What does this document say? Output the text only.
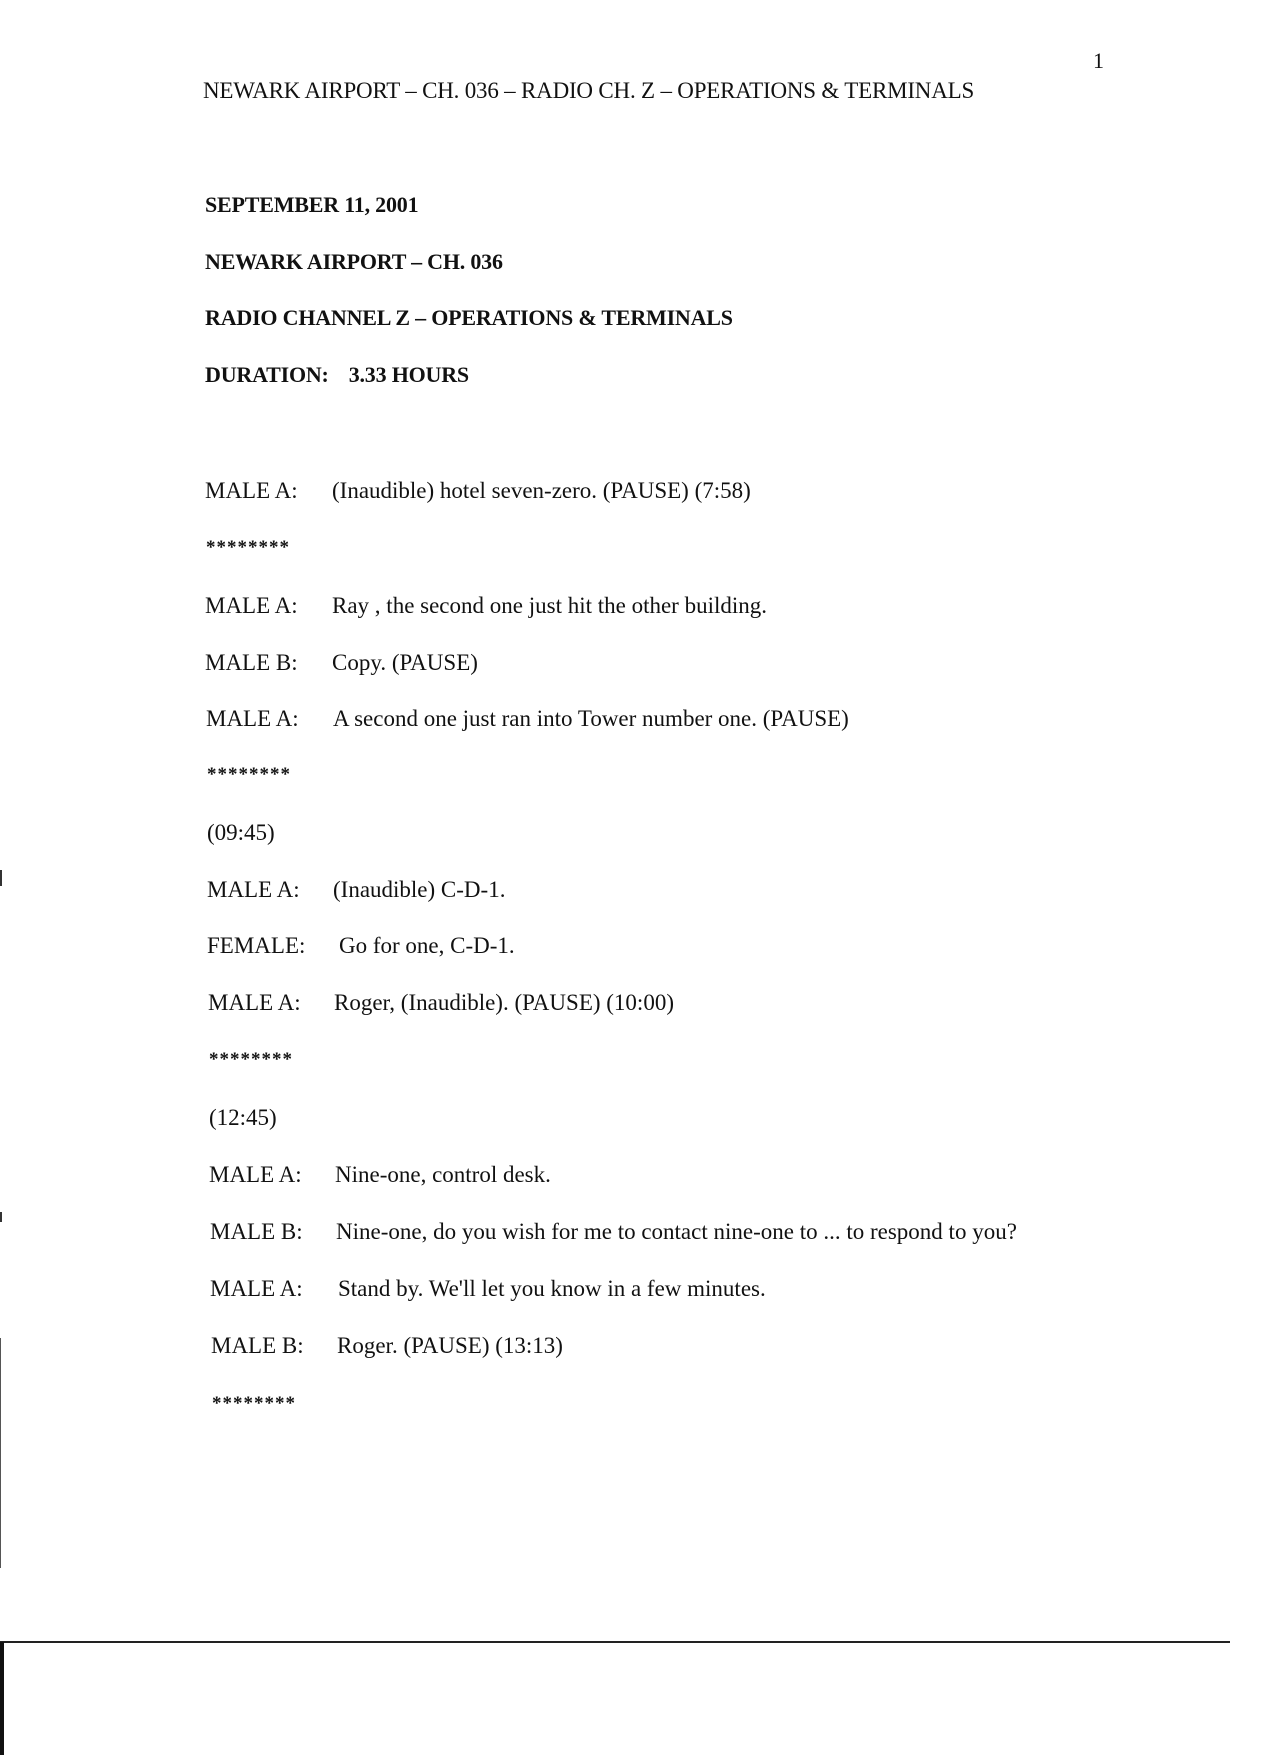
1
NEWARK AIRPORT – CH. 036 – RADIO CH. Z – OPERATIONS & TERMINALS
SEPTEMBER 11, 2001
NEWARK AIRPORT – CH. 036
RADIO CHANNEL Z – OPERATIONS & TERMINALS
DURATION: 3.33 HOURS
MALE A: (Inaudible) hotel seven-zero. (PAUSE) (7:58)
********
MALE A: Ray , the second one just hit the other building.
MALE B: Copy. (PAUSE)
MALE A: A second one just ran into Tower number one. (PAUSE)
********
(09:45)
MALE A: (Inaudible) C-D-1.
FEMALE: Go for one, C-D-1.
MALE A: Roger, (Inaudible). (PAUSE) (10:00)
********
(12:45)
MALE A: Nine-one, control desk.
MALE B: Nine-one, do you wish for me to contact nine-one to ... to respond to you?
MALE A: Stand by. We'll let you know in a few minutes.
MALE B: Roger. (PAUSE) (13:13)
********
